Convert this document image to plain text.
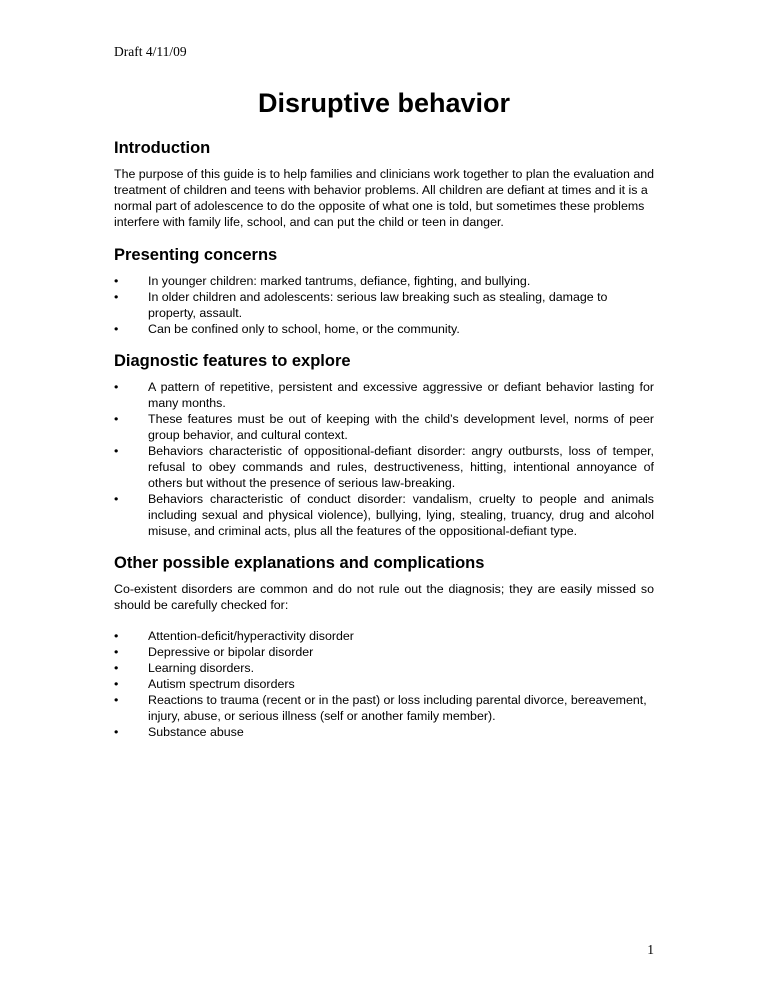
Draft 4/11/09
Disruptive behavior
Introduction

The purpose of this guide is to help families and clinicians work together to plan the evaluation and treatment of children and teens with behavior problems. All children are defiant at times and it is a normal part of adolescence to do the opposite of what one is told, but sometimes these problems interfere with family life, school, and can put the child or teen in danger.

Presenting concerns
• In younger children: marked tantrums, defiance, fighting, and bullying.
• In older children and adolescents: serious law breaking such as stealing, damage to property, assault.
• Can be confined only to school, home, or the community.
Diagnostic features to explore
• A pattern of repetitive, persistent and excessive aggressive or defiant behavior lasting for many months.
• These features must be out of keeping with the child’s development level, norms of peer group behavior, and cultural context.
• Behaviors characteristic of oppositional-defiant disorder: angry outbursts, loss of temper, refusal to obey commands and rules, destructiveness, hitting, intentional annoyance of others but without the presence of serious law-breaking.
• Behaviors characteristic of conduct disorder: vandalism, cruelty to people and animals including sexual and physical violence), bullying, lying, stealing, truancy, drug and alcohol misuse, and criminal acts, plus all the features of the oppositional-defiant type.
Other possible explanations and complications

Co-existent disorders are common and do not rule out the diagnosis; they are easily missed so should be carefully checked for:

• Attention-deficit/hyperactivity disorder
• Depressive or bipolar disorder
• Learning disorders.
• Autism spectrum disorders
• Reactions to trauma (recent or in the past) or loss including parental divorce, bereavement, injury, abuse, or serious illness (self or another family member).
• Substance abuse
1
